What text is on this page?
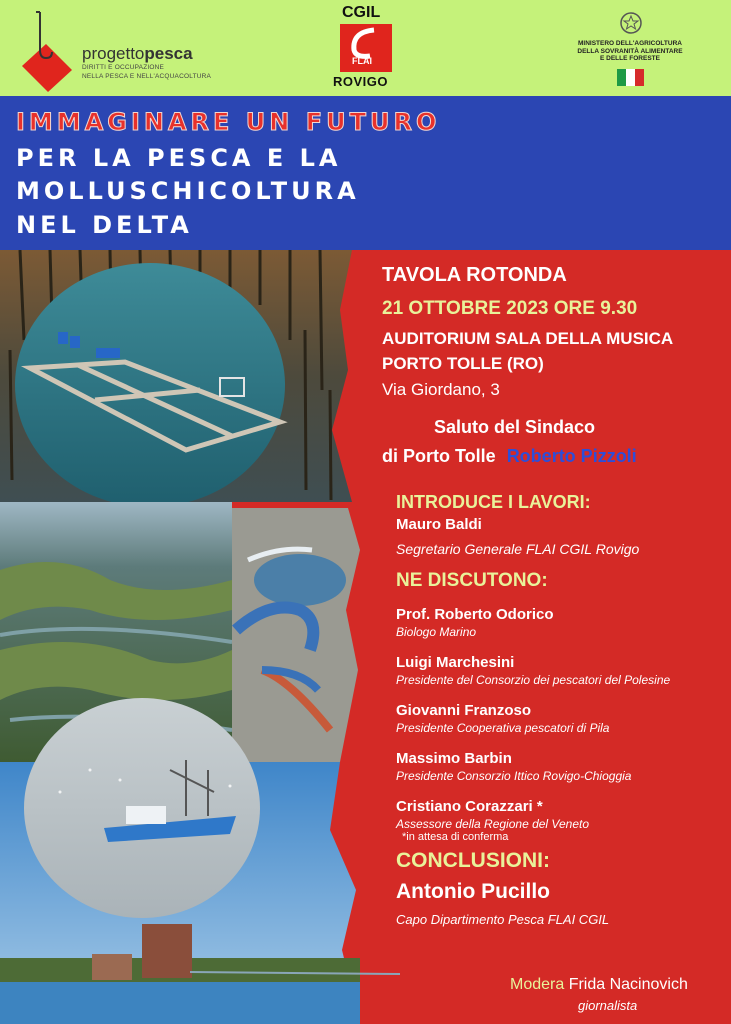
progettopesca
DIRITTI E OCCUPAZIONE
NELLA PESCA E NELL'ACQUACOLTURA
CGIL
FLAI
ROVIGO
MINISTERO DELL'AGRICOLTURA
DELLA SOVRANITÀ ALIMENTARE
E DELLE FORESTE
IMMAGINARE UN FUTURO
PER LA PESCA E LA
MOLLUSCHICOLTURA
NEL DELTA
TAVOLA ROTONDA
21 OTTOBRE 2023 ORE 9.30
AUDITORIUM SALA DELLA MUSICA
PORTO TOLLE (RO)
Via Giordano, 3
Saluto del Sindaco
di Porto Tolle Roberto Pizzoli
INTRODUCE I LAVORI:
Mauro Baldi
Segretario Generale FLAI CGIL Rovigo
NE DISCUTONO:
Prof. Roberto Odorico
Biologo Marino
Luigi Marchesini
Presidente del Consorzio dei pescatori del Polesine
Giovanni Franzoso
Presidente Cooperativa pescatori di Pila
Massimo Barbin
Presidente Consorzio Ittico Rovigo-Chioggia
Cristiano Corazzari *
Assessore della Regione del Veneto
*in attesa di conferma
CONCLUSIONI:
Antonio Pucillo
Capo Dipartimento Pesca FLAI CGIL
Modera Frida Nacinovich
giornalista
